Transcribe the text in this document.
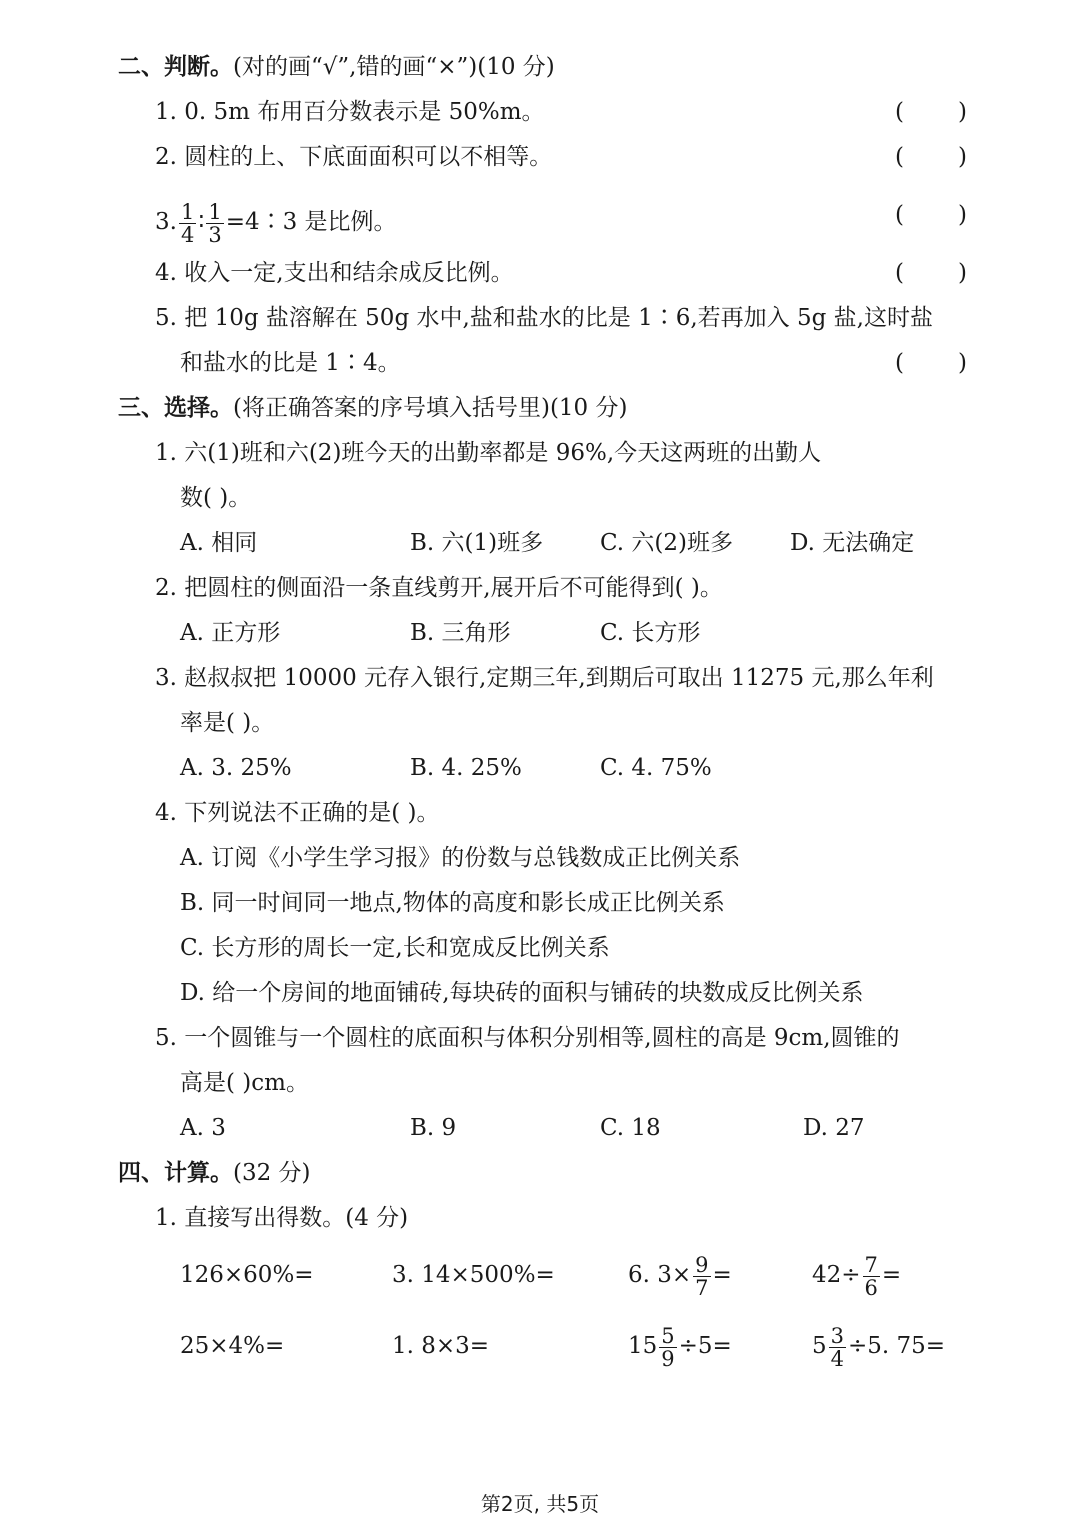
二、判断。(对的画“√”,错的画“×”)(10 分)
1. 0. 5m 布用百分数表示是 50%m。	( )
2. 圆柱的上、下底面面积可以不相等。	( )
3. $\frac{1}{4}$ ∶ $\frac{1}{3}$ =4∶3 是比例。	( )
4. 收入一定,支出和结余成反比例。	( )
5. 把 10g 盐溶解在 50g 水中,盐和盐水的比是 1∶6,若再加入 5g 盐,这时盐
和盐水的比是 1∶4。	( )
三、选择。(将正确答案的序号填入括号里)(10 分)
1. 六(1)班和六(2)班今天的出勤率都是 96%,今天这两班的出勤人
数( )。
A. 相同	B. 六(1)班多 C. 六(2)班多 D. 无法确定
2. 把圆柱的侧面沿一条直线剪开,展开后不可能得到( )。
A. 正方形	B. 三角形	C. 长方形
3. 赵叔叔把 10000 元存入银行,定期三年,到期后可取出 11275 元,那么年利
率是( )。
A. 3. 25%	B. 4. 25%	C. 4. 75%
4. 下列说法不正确的是( )。
A. 订阅《小学生学习报》的份数与总钱数成正比例关系
B. 同一时间同一地点,物体的高度和影长成正比例关系
C. 长方形的周长一定,长和宽成反比例关系
D. 给一个房间的地面铺砖,每块砖的面积与铺砖的块数成反比例关系
5. 一个圆锥与一个圆柱的底面积与体积分别相等,圆柱的高是 9cm,圆锥的
高是( )cm。
A. 3	B. 9	C. 18	D. 27
四、计算。(32 分)
1. 直接写出得数。(4 分)
126×60%=	3. 14×500%=	6. $3\times \frac{9}{7}$ =	$42\div \frac{7}{6}$ =
25×4%=	1. 8×3=	$15 \frac{5}{9} \div 5=$	$5 \frac{3}{4} \div 5$. 75=
第2页, 共5页
